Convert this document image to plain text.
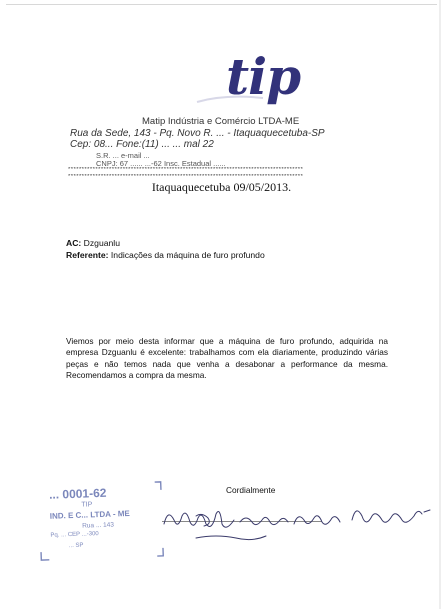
tip
Matip Indústria e Comércio LTDA-ME
Rua da Sede, 143 - Pq. Novo R. ... - Itaquaquecetuba-SP
Cep: 08... Fone:(11) ... ... mal 22
S.R. ... e-mail ...
CNPJ: 67 ...... ...-62 Insc. Estadual ......
**************************************************************************************
**************************************************************************************
Itaquaquecetuba 09/05/2013.
AC: Dzguanlu
Referente: Indicações da máquina de furo profundo
Viemos por meio desta informar que a máquina de furo profundo, adquirida na empresa Dzguanlu é excelente: trabalhamos com ela diariamente, produzindo várias peças e não temos nada que venha a desabonar a performance da mesma. Recomendamos a compra da mesma.
Cordialmente
... 0001-62
TIP
IND. E C... LTDA - ME
Rua ... 143
Pq. ... CEP ...-300
... SP
